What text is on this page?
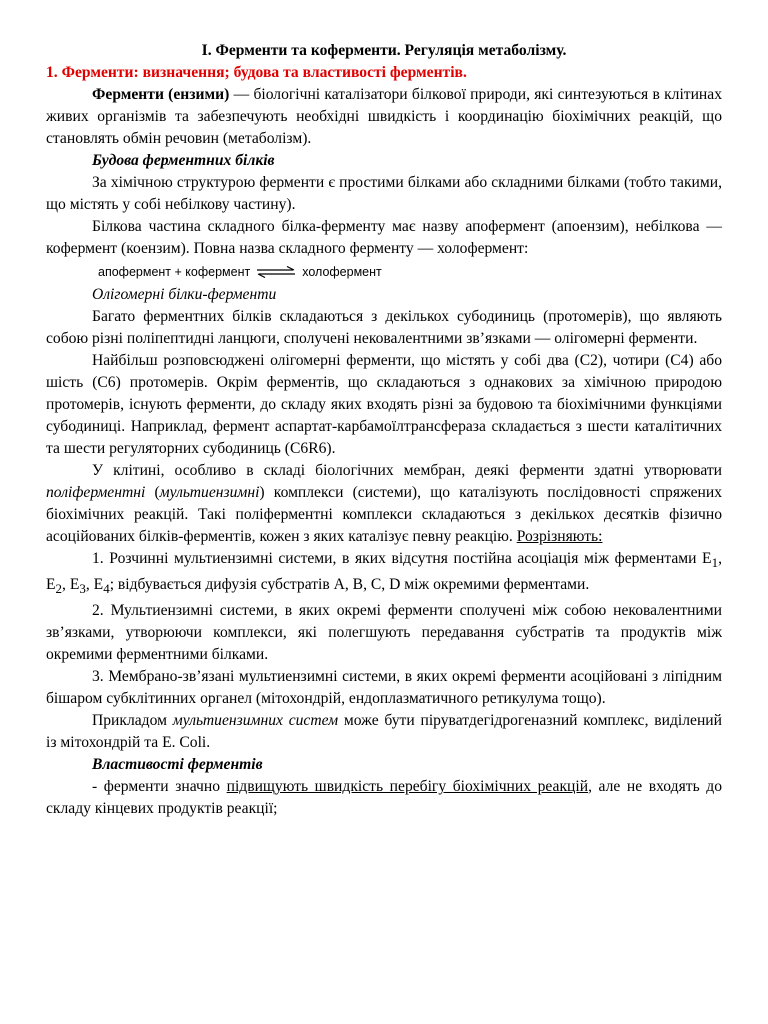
І. Ферменти та коферменти. Регуляція метаболізму.

1. Ферменти: визначення; будова та властивості ферментів.

Ферменти (ензими) — біологічні каталізатори білкової природи, які синтезуються в клітинах живих організмів та забезпечують необхідні швидкість і координацію біохімічних реакцій, що становлять обмін речовин (метаболізм).

Будова ферментних білків

За хімічною структурою ферменти є простими білками або складними білками (тобто такими, що містять у собі небілкову частину).

Білкова частина складного білка-ферменту має назву апофермент (апоензим), небілкова — кофермент (коензим). Повна назва складного ферменту — холофермент:

апофермент + кофермент ⇌ холофермент

Олігомерні білки-ферменти

Багато ферментних білків складаються з декількох субодиниць (протомерів), що являють собою різні поліпептидні ланцюги, сполучені нековалентними зв’язками — олігомерні ферменти.

Найбільш розповсюджені олігомерні ферменти, що містять у собі два (С2), чотири (С4) або шість (С6) протомерів. Окрім ферментів, що складаються з однакових за хімічною природою протомерів, існують ферменти, до складу яких входять різні за будовою та біохімічними функціями субодиниці. Наприклад, фермент аспартат-карбамоїлтрансфераза складається з шести каталітичних та шести регуляторних субодиниць (С6R6).

У клітині, особливо в складі біологічних мембран, деякі ферменти здатні утворювати поліферментні (мультиензимні) комплекси (системи), що каталізують послідовності спряжених біохімічних реакцій. Такі поліферментні комплекси складаються з декількох десятків фізично асоційованих білків-ферментів, кожен з яких каталізує певну реакцію. Розрізняють:

1. Розчинні мультиензимні системи, в яких відсутня постійна асоціація між ферментами $Е_1$, $Е_2$, $Е_3$, $Е_4$; відбувається дифузія субстратів А, В, С, D між окремими ферментами.

2. Мультиензимні системи, в яких окремі ферменти сполучені між собою нековалентними зв’язками, утворюючи комплекси, які полегшують передавання субстратів та продуктів між окремими ферментними білками.

3. Мембрано-зв’язані мультиензимні системи, в яких окремі ферменти асоційовані з ліпідним бішаром субклітинних органел (мітохондрій, ендоплазматичного ретикулума тощо).

Прикладом мультиензимних систем може бути піруватдегідрогеназний комплекс, виділений із мітохондрій та E. Coli.

Властивості ферментів

- ферменти значно підвищують швидкість перебігу біохімічних реакцій, але не входять до складу кінцевих продуктів реакції;
